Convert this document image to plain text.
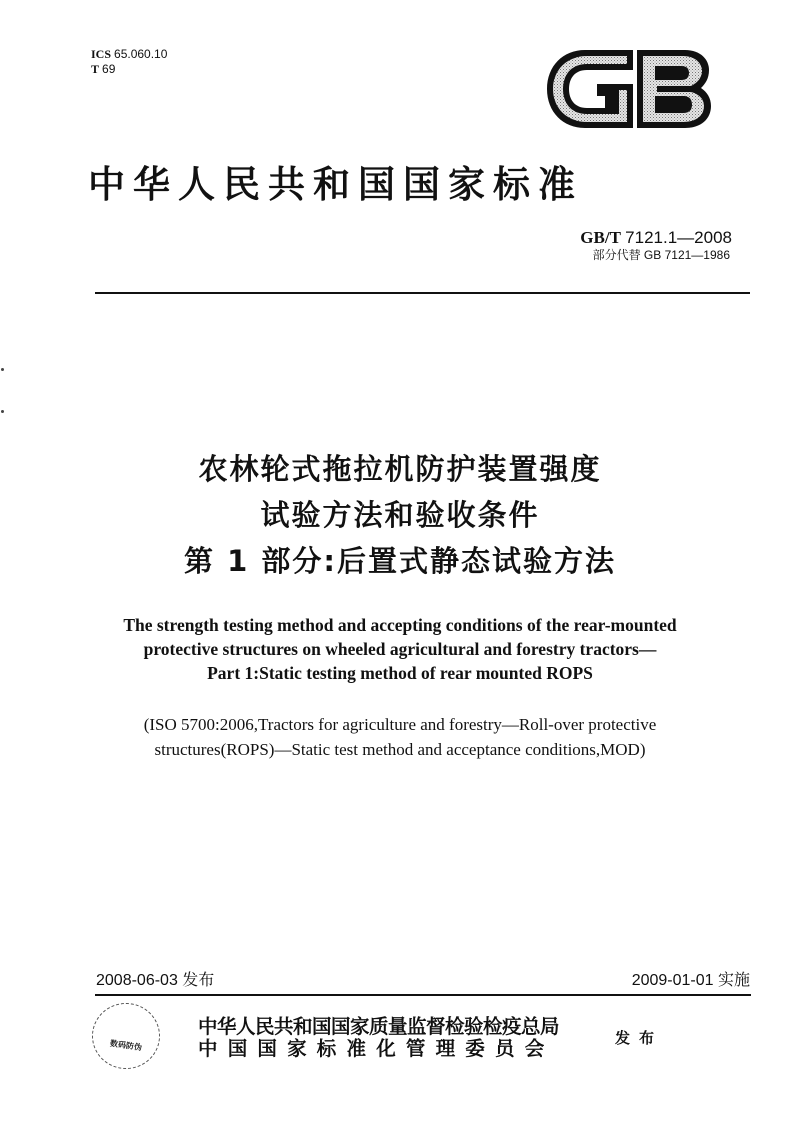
ICS 65.060.10
T 69
中华人民共和国国家标准
GB/T 7121.1—2008
部分代替 GB 7121—1986
农林轮式拖拉机防护装置强度
试验方法和验收条件
第 1 部分:后置式静态试验方法
The strength testing method and accepting conditions of the rear-mounted
protective structures on wheeled agricultural and forestry tractors—
Part 1:Static testing method of rear mounted ROPS
(ISO 5700:2006,Tractors for agriculture and forestry—Roll-over protective
structures(ROPS)—Static test method and acceptance conditions,MOD)
2008-06-03 发布	2009-01-01 实施
数码防伪
中华人民共和国国家质量监督检验检疫总局
中国国家标准化管理委员会	发布
